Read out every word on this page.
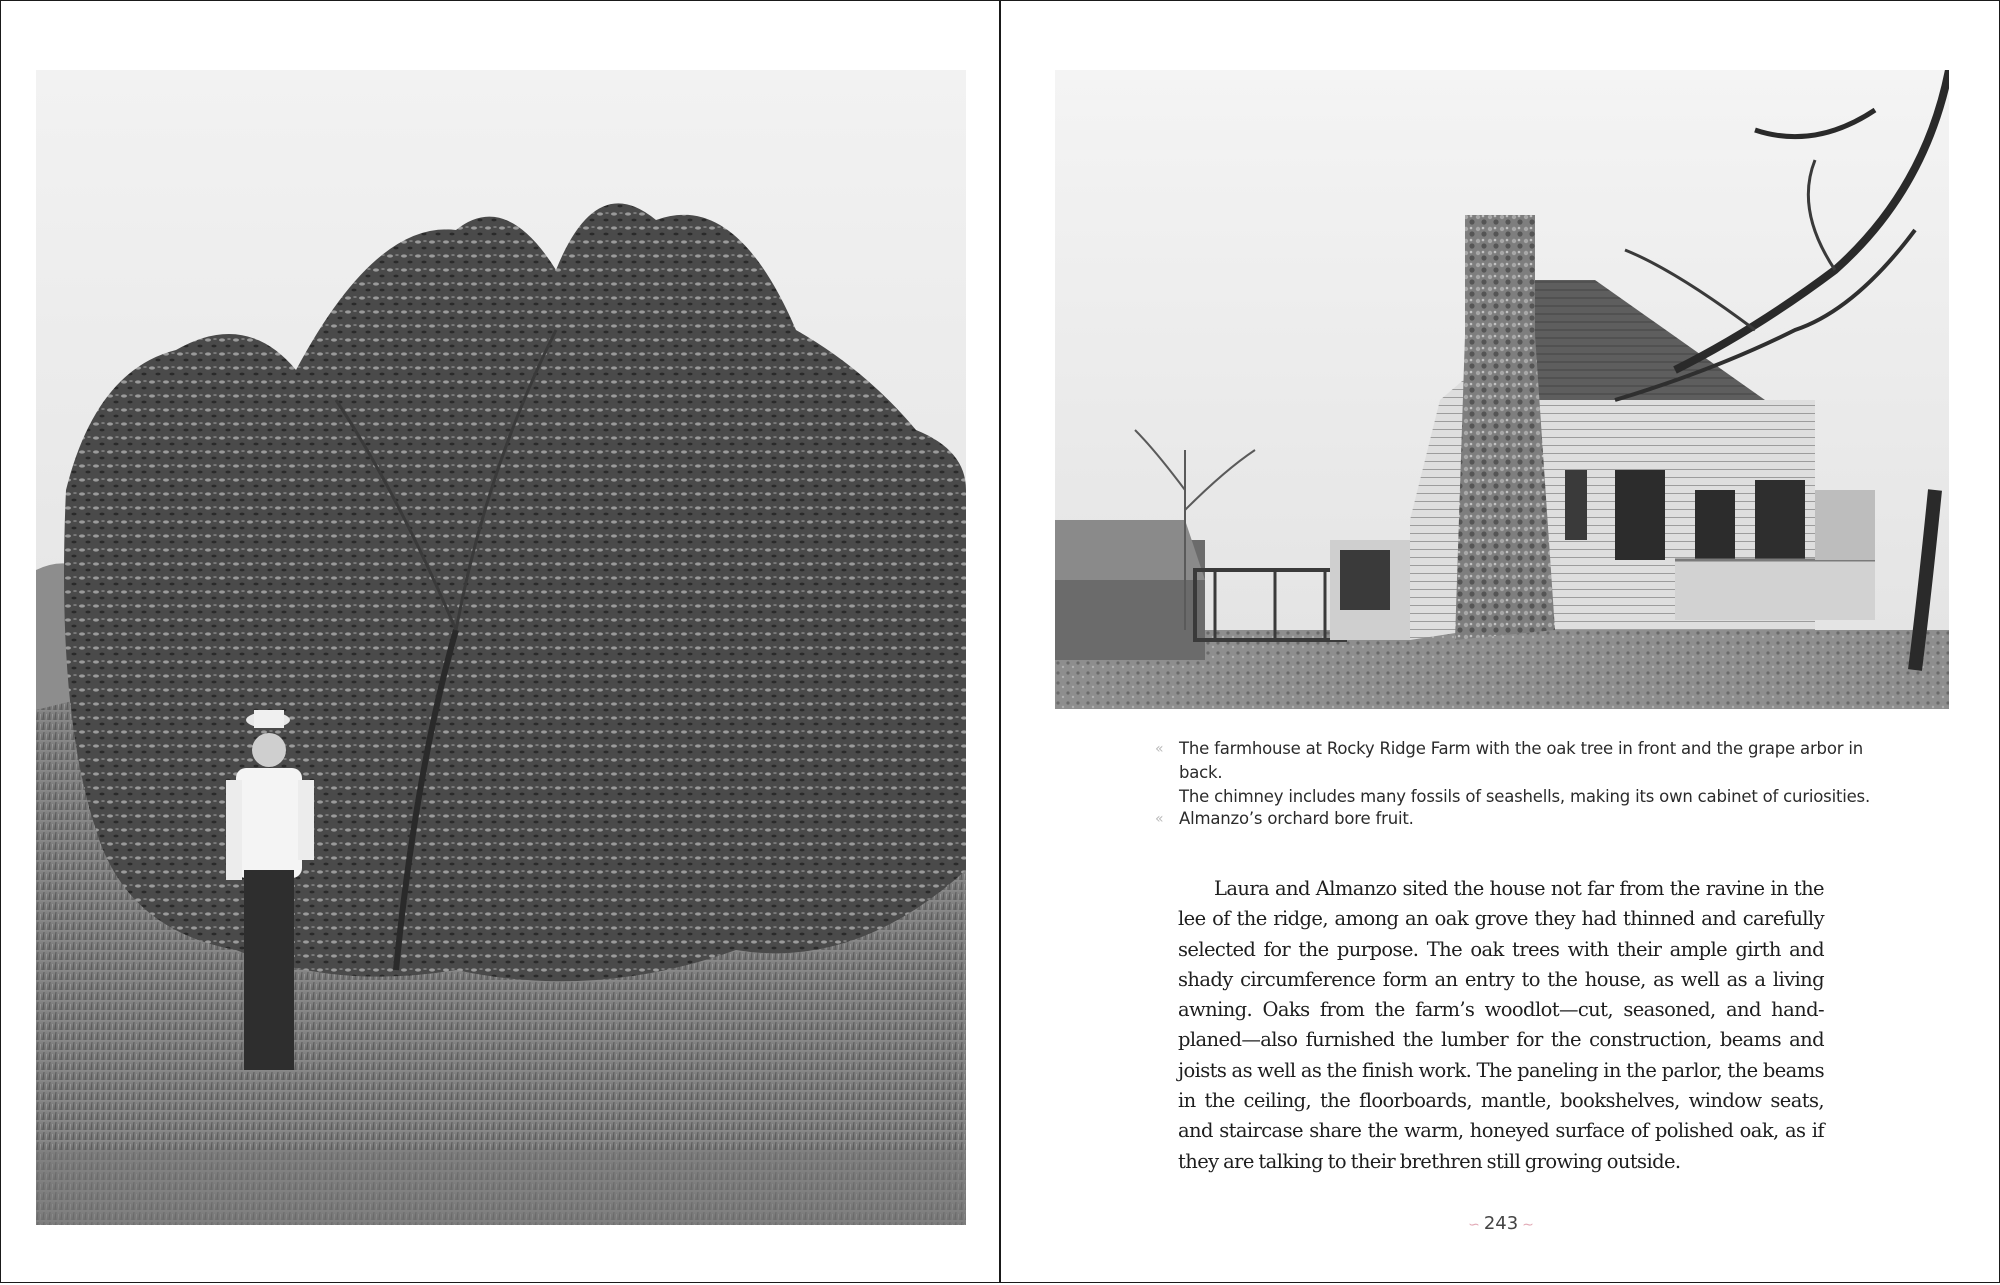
« The farmhouse at Rocky Ridge Farm with the oak tree in front and the grape arbor in back.
The chimney includes many fossils of seashells, making its own cabinet of curiosities.
« Almanzo’s orchard bore fruit.

Laura and Almanzo sited the house not far from the ravine in the lee of the ridge, among an oak grove they had thinned and carefully selected for the purpose. The oak trees with their ample girth and shady circumference form an entry to the house, as well as a living awning. Oaks from the farm’s woodlot—cut, seasoned, and hand-planed—also furnished the lumber for the construction, beams and joists as well as the finish work. The paneling in the parlor, the beams in the ceiling, the floorboards, mantle, bookshelves, window seats, and staircase share the warm, honeyed surface of polished oak, as if they are talking to their brethren still growing outside.

∽ 243 ∼
